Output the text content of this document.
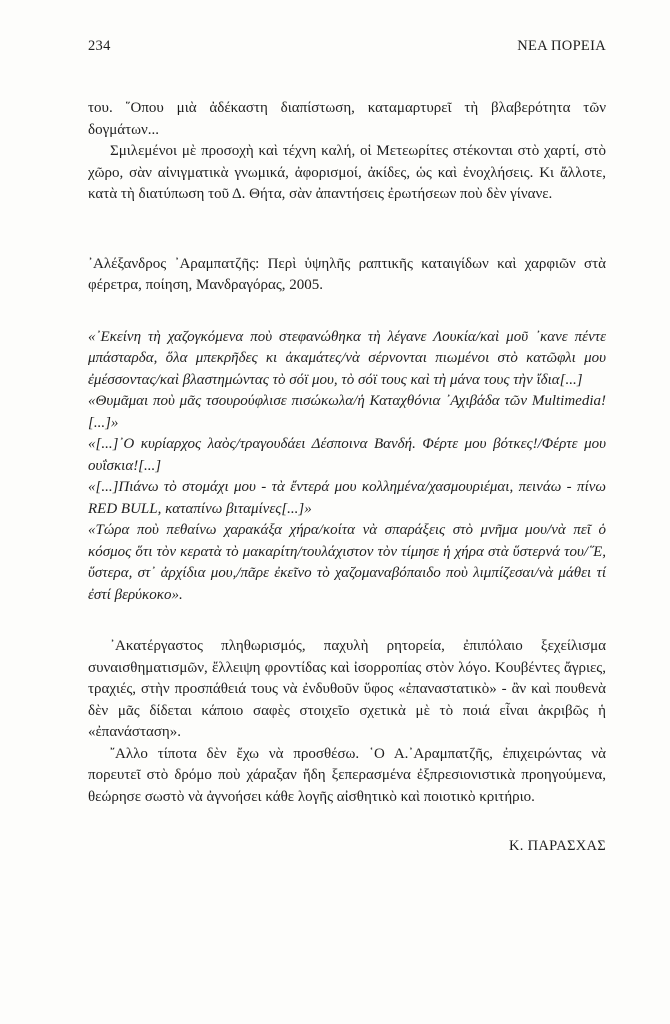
234	ΝΕΑ ΠΟΡΕΙΑ

του. ῞Οπου μιὰ ἀδέκαστη διαπίστωση, καταμαρτυρεῖ τὴ βλαβερότητα τῶν δογμάτων...

Σμιλεμένοι μὲ προσοχὴ καὶ τέχνη καλή, οἱ Μετεωρίτες στέκονται στὸ χαρτί, στὸ χῶρο, σὰν αἰνιγματικὰ γνωμικά, ἀφορισμοί, ἀκίδες, ὡς καὶ ἐνοχλήσεις. Κι ἄλλοτε, κατὰ τὴ διατύπωση τοῦ Δ. Θήτα, σὰν ἀπαντήσεις ἐρωτήσεων ποὺ δὲν γίνανε.

᾿Αλέξανδρος ᾿Αραμπατζῆς: Περὶ ὑψηλῆς ραπτικῆς καταιγίδων καὶ χαρφιῶν στὰ φέρετρα, ποίηση, Μανδραγόρας, 2005.

«᾿Εκείνη τὴ χαζογκόμενα ποὺ στεφανώθηκα τὴ λέγανε Λουκία/καὶ μοῦ ᾿κανε πέντε μπάσταρδα, ὅλα μπεκρῆδες κι ἀκαμάτες/νὰ σέρνονται πιωμένοι στὸ κατῶφλι μου ἐμέσσοντας/καὶ βλαστημώντας τὸ σόϊ μου, τὸ σόϊ τους καὶ τὴ μάνα τους τὴν ἴδια[...]

«Θυμᾶμαι ποὺ μᾶς τσουρούφλισε πισώκωλα/ἡ Καταχθόνια ᾿Αχιβάδα τῶν Multimedia![...]»

«[...]᾿Ο κυρίαρχος λαὸς/τραγουδάει Δέσποινα Βανδή. Φέρτε μου βότκες!/Φέρτε μου ουΐσκια![...]

«[...]Πιάνω τὸ στομάχι μου - τὰ ἔντερά μου κολλημένα/χασμουριέμαι, πεινάω - πίνω RED BULL, καταπίνω βιταμίνες[...]»

«Τώρα ποὺ πεθαίνω χαρακάξα χήρα/κοίτα νὰ σπαράξεις στὸ μνῆμα μου/νὰ πεῖ ὁ κόσμος ὅτι τὸν κερατὰ τὸ μακαρίτη/τουλάχιστον τὸν τίμησε ἡ χήρα στὰ ὕστερνά του/῞Ε, ὕστερα, στ᾿ ἀρχίδια μου,/πᾶρε ἐκεῖνο τὸ χαζομαναβόπαιδο ποὺ λιμπίζεσαι/νὰ μάθει τί ἐστί βερύκοκο».

᾿Ακατέργαστος πληθωρισμός, παχυλὴ ρητορεία, ἐπιπόλαιο ξεχείλισμα συναισθηματισμῶν, ἔλλειψη φροντίδας καὶ ἰσορροπίας στὸν λόγο. Κουβέντες ἄγριες, τραχιές, στὴν προσπάθειά τους νὰ ἐνδυθοῦν ὕφος «ἐπαναστατικὸ» - ἂν καὶ πουθενὰ δὲν μᾶς δίδεται κάποιο σαφὲς στοιχεῖο σχετικὰ μὲ τὸ ποιά εἶναι ἀκριβῶς ἡ «ἐπανάσταση».

῎Αλλο τίποτα δὲν ἔχω νὰ προσθέσω. ῾Ο Α.᾿Αραμπατζῆς, ἐπιχειρώντας νὰ πορευτεῖ στὸ δρόμο ποὺ χάραξαν ἤδη ξεπερασμένα ἐξπρεσιονιστικὰ προηγούμενα, θεώρησε σωστὸ νὰ ἀγνοήσει κάθε λογῆς αἰσθητικὸ καὶ ποιοτικὸ κριτήριο.

Κ. ΠΑΡΑΣΧΑΣ
